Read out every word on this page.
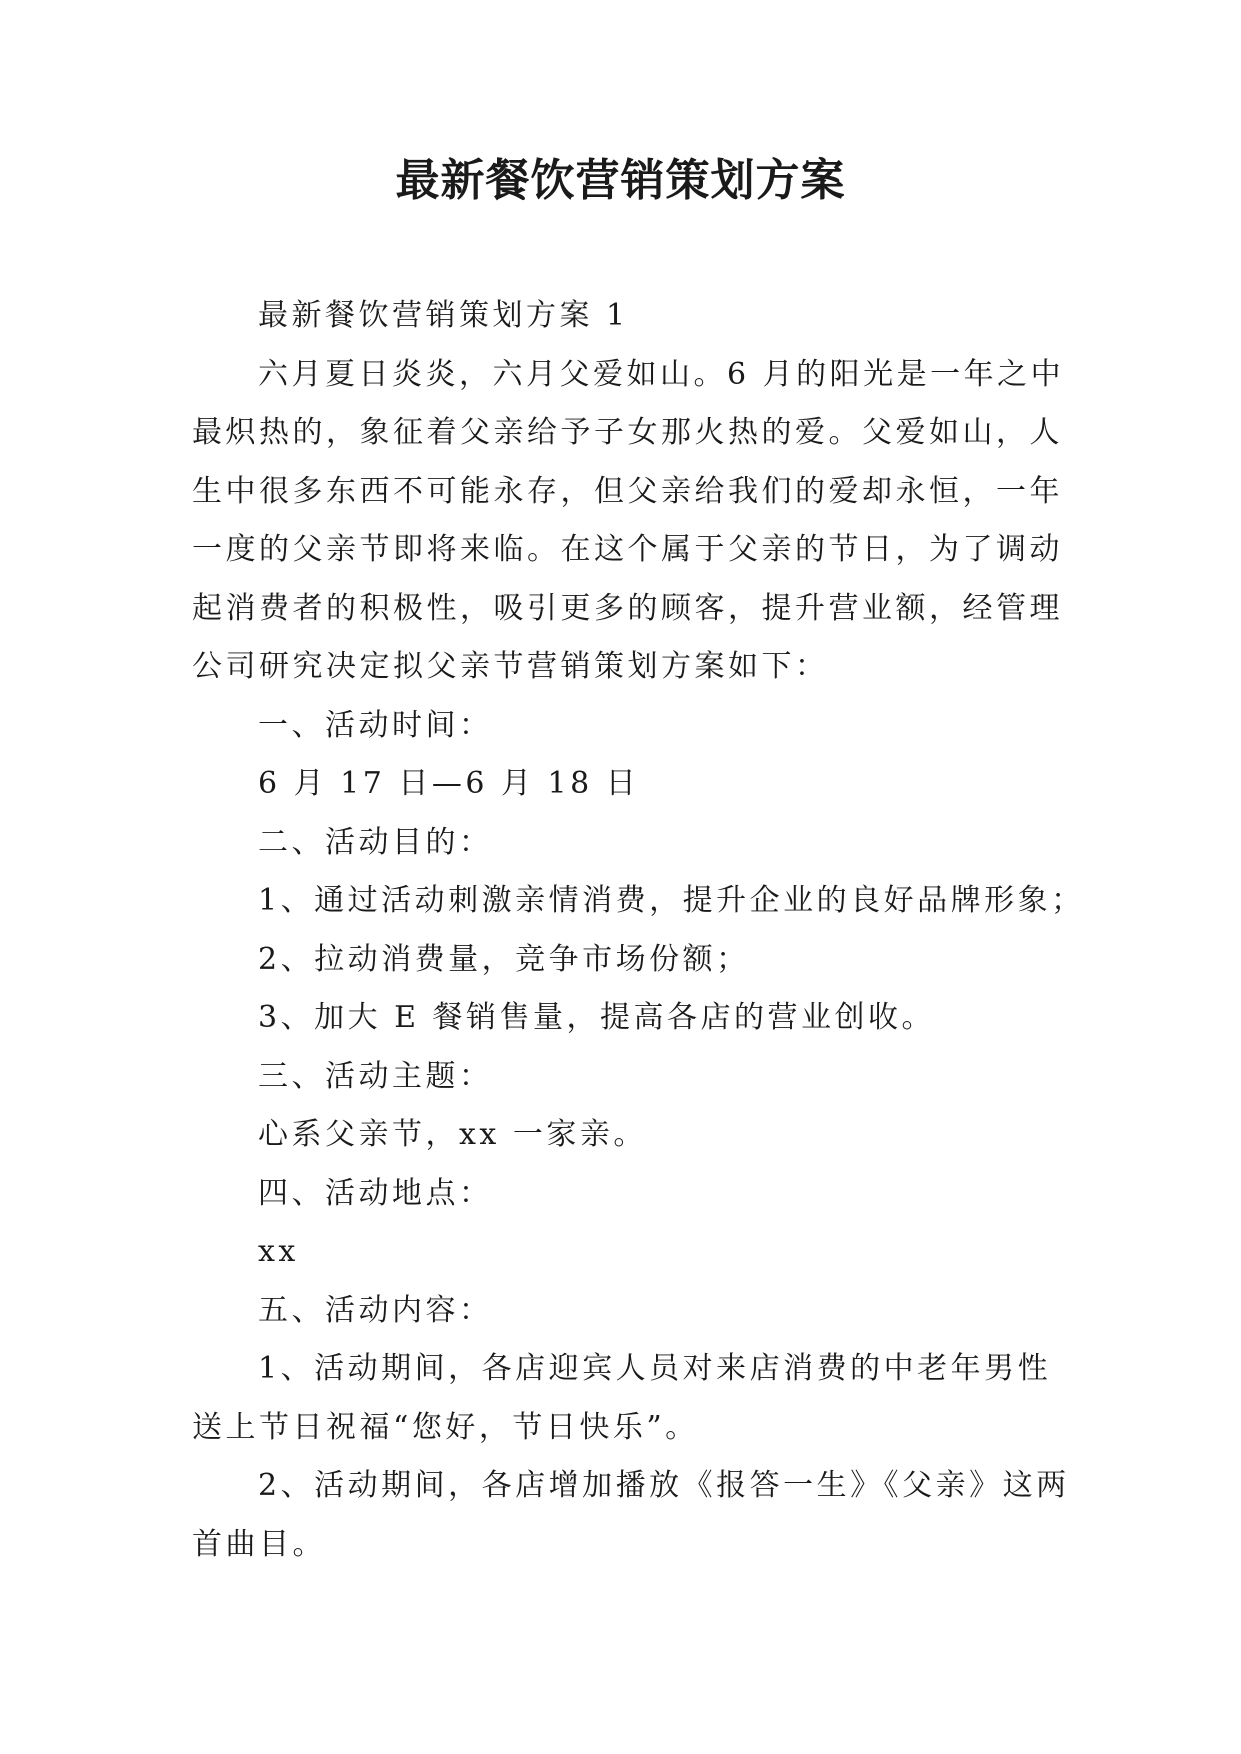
最新餐饮营销策划方案

最新餐饮营销策划方案 1

六月夏日炎炎，六月父爱如山。6 月的阳光是一年之中
最炽热的，象征着父亲给予子女那火热的爱。父爱如山，人
生中很多东西不可能永存，但父亲给我们的爱却永恒，一年
一度的父亲节即将来临。在这个属于父亲的节日，为了调动
起消费者的积极性，吸引更多的顾客，提升营业额，经管理
公司研究决定拟父亲节营销策划方案如下：

一、活动时间：

6 月 17 日—6 月 18 日

二、活动目的：

1、通过活动刺激亲情消费，提升企业的良好品牌形象；

2、拉动消费量，竞争市场份额；

3、加大 E 餐销售量，提高各店的营业创收。

三、活动主题：

心系父亲节，xx 一家亲。

四、活动地点：

xx

五、活动内容：

1、活动期间，各店迎宾人员对来店消费的中老年男性
送上节日祝福“您好，节日快乐”。

2、活动期间，各店增加播放《报答一生》《父亲》这两
首曲目。
